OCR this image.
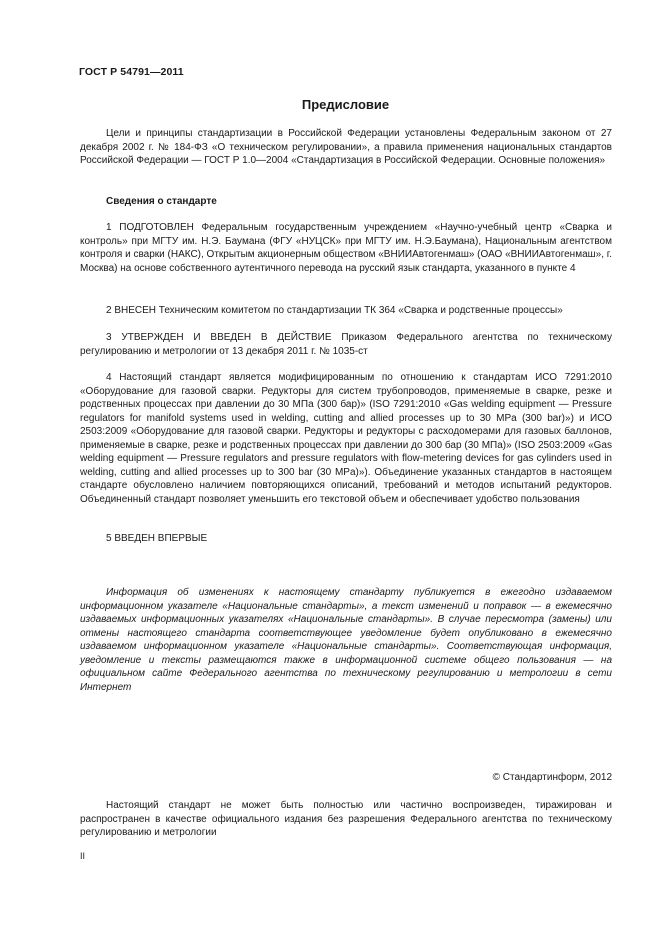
ГОСТ Р 54791—2011
Предисловие

Цели и принципы стандартизации в Российской Федерации установлены Федеральным законом от 27 декабря 2002 г. № 184-ФЗ «О техническом регулировании», а правила применения национальных стандартов Российской Федерации — ГОСТ Р 1.0—2004 «Стандартизация в Российской Федерации. Основные положения»

Сведения о стандарте

1 ПОДГОТОВЛЕН Федеральным государственным учреждением «Научно-учебный центр «Сварка и контроль» при МГТУ им. Н.Э. Баумана (ФГУ «НУЦСК» при МГТУ им. Н.Э.Баумана), Национальным агентством контроля и сварки (НАКС), Открытым акционерным обществом «ВНИИАвтогенмаш» (ОАО «ВНИИАвтогенмаш», г. Москва) на основе собственного аутентичного перевода на русский язык стандарта, указанного в пункте 4

2 ВНЕСЕН Техническим комитетом по стандартизации ТК 364 «Сварка и родственные процессы»

3 УТВЕРЖДЕН И ВВЕДЕН В ДЕЙСТВИЕ Приказом Федерального агентства по техническому регулированию и метрологии от 13 декабря 2011 г. № 1035-ст

4 Настоящий стандарт является модифицированным по отношению к стандартам ИСО 7291:2010 «Оборудование для газовой сварки. Редукторы для систем трубопроводов, применяемые в сварке, резке и родственных процессах при давлении до 30 МПа (300 бар)» (ISO 7291:2010 «Gas welding equipment — Pressure regulators for manifold systems used in welding, cutting and allied processes up to 30 MPa (300 bar)») и ИСО 2503:2009 «Оборудование для газовой сварки. Редукторы и редукторы с расходомерами для газовых баллонов, применяемые в сварке, резке и родственных процессах при давлении до 300 бар (30 МПа)» (ISO 2503:2009 «Gas welding equipment — Pressure regulators and pressure regulators with flow-metering devices for gas cylinders used in welding, cutting and allied processes up to 300 bar (30 MPa)»). Объединение указанных стандартов в настоящем стандарте обусловлено наличием повторяющихся описаний, требований и методов испытаний редукторов. Объединенный стандарт позволяет уменьшить его текстовой объем и обеспечивает удобство пользования

5 ВВЕДЕН ВПЕРВЫЕ

Информация об изменениях к настоящему стандарту публикуется в ежегодно издаваемом информационном указателе «Национальные стандарты», а текст изменений и поправок — в ежемесячно издаваемых информационных указателях «Национальные стандарты». В случае пересмотра (замены) или отмены настоящего стандарта соответствующее уведомление будет опубликовано в ежемесячно издаваемом информационном указателе «Национальные стандарты». Соответствующая информация, уведомление и тексты размещаются также в информационной системе общего пользования — на официальном сайте Федерального агентства по техническому регулированию и метрологии в сети Интернет

© Стандартинформ, 2012

Настоящий стандарт не может быть полностью или частично воспроизведен, тиражирован и распространен в качестве официального издания без разрешения Федерального агентства по техническому регулированию и метрологии

II
